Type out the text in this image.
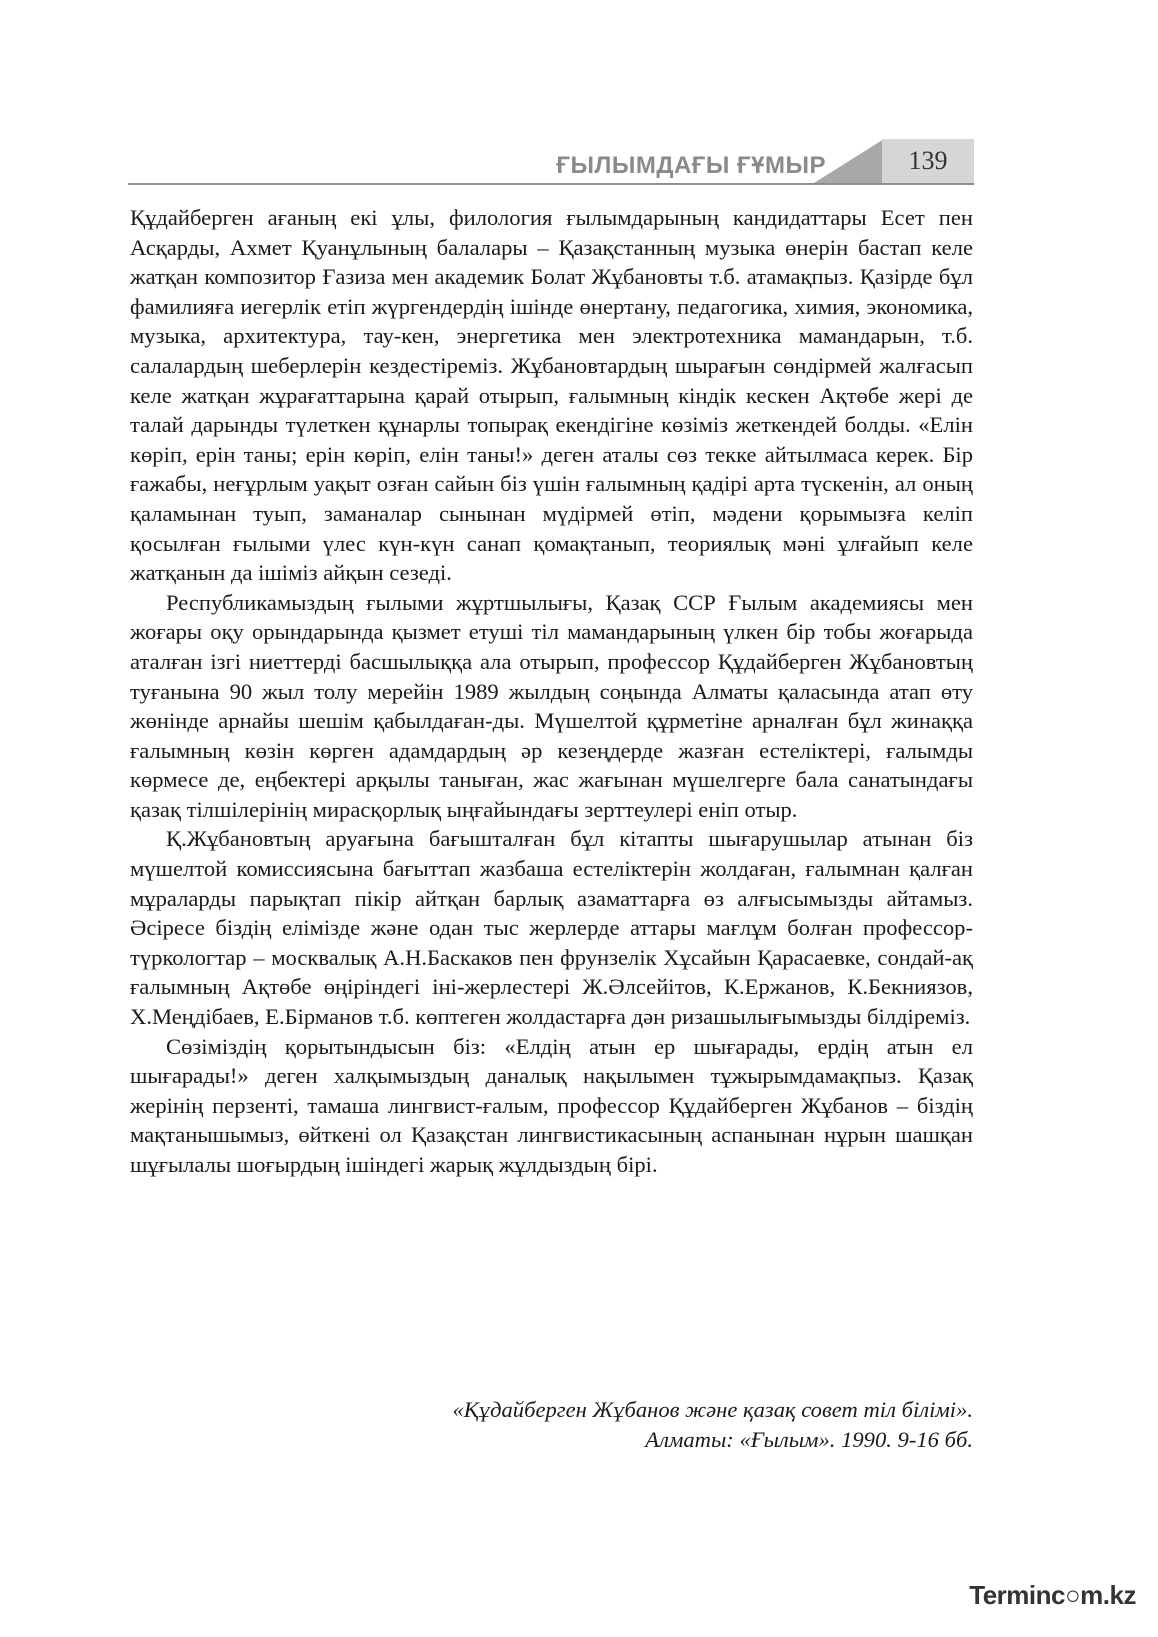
ҒЫЛЫМДАҒЫ ҒҰМЫР	139

Құдайберген ағаның екі ұлы, филология ғылымдарының кандидаттары Есет пен Асқарды, Ахмет Қуанұлының балалары – Қазақстанның музыка өнерін бастап келе жатқан композитор Ғазиза мен академик Болат Жұбановты т.б. атамақпыз. Қазірде бұл фамилияға иегерлік етіп жүргендердің ішінде өнертану, педагогика, химия, экономика, музыка, архитектура, тау-кен, энергетика мен электротехника мамандарын, т.б. салалардың шеберлерін кездестіреміз. Жұбановтардың шырағын сөндірмей жалғасып келе жатқан жұрағаттарына қарай отырып, ғалымның кіндік кескен Ақтөбе жері де талай дарынды түлеткен құнарлы топырақ екендігіне көзіміз жеткендей болды. «Елін көріп, ерін таны; ерін көріп, елін таны!» деген аталы сөз текке айтылмаса керек. Бір ғажабы, неғұрлым уақыт озған сайын біз үшін ғалымның қадірі арта түскенін, ал оның қаламынан туып, заманалар сынынан мүдірмей өтіп, мәдени қорымызға келіп қосылған ғылыми үлес күн-күн санап қомақтанып, теориялық мәні ұлғайып келе жатқанын да ішіміз айқын сезеді.

Республикамыздың ғылыми жұртшылығы, Қазақ ССР Ғылым академиясы мен жоғары оқу орындарында қызмет етуші тіл мамандарының үлкен бір тобы жоғарыда аталған ізгі ниеттерді басшылыққа ала отырып, профессор Құдайберген Жұбановтың туғанына 90 жыл толу мерейін 1989 жылдың соңында Алматы қаласында атап өту жөнінде арнайы шешім қабылдаған-ды. Мүшелтой құрметіне арналған бұл жинаққа ғалымның көзін көрген адамдардың әр кезеңдерде жазған естеліктері, ғалымды көрмесе де, еңбектері арқылы таныған, жас жағынан мүшелгерге бала санатындағы қазақ тілшілерінің мирасқорлық ыңғайындағы зерттеулері еніп отыр.

Қ.Жұбановтың аруағына бағышталған бұл кітапты шығарушылар атынан біз мүшелтой комиссиясына бағыттап жазбаша естеліктерін жолдаған, ғалымнан қалған мұраларды парықтап пікір айтқан барлық азаматтарға өз алғысымызды айтамыз. Әсіресе біздің елімізде және одан тыс жерлерде аттары мағлұм болған профессор-түркологтар – москвалық А.Н.Баскаков пен фрунзелік Хұсайын Қарасаевке, сондай-ақ ғалымның Ақтөбе өңіріндегі іні-жерлестері Ж.Әлсейітов, К.Ержанов, К.Бекниязов, Х.Меңдібаев, Е.Бірманов т.б. көптеген жолдастарға дән ризашылығымызды білдіреміз.

Сөзіміздің қорытындысын біз: «Елдің атын ер шығарады, ердің атын ел шығарады!» деген халқымыздың даналық нақылымен тұжырымдамақпыз. Қазақ жерінің перзенті, тамаша лингвист-ғалым, профессор Құдайберген Жұбанов – біздің мақтанышымыз, өйткені ол Қазақстан лингвистикасының аспанынан нұрын шашқан шұғылалы шоғырдың ішіндегі жарық жұлдыздың бірі.

«Құдайберген Жұбанов және қазақ совет тіл білімі».
Алматы: «Ғылым». 1990. 9-16 бб.
Terminc○m.kz
